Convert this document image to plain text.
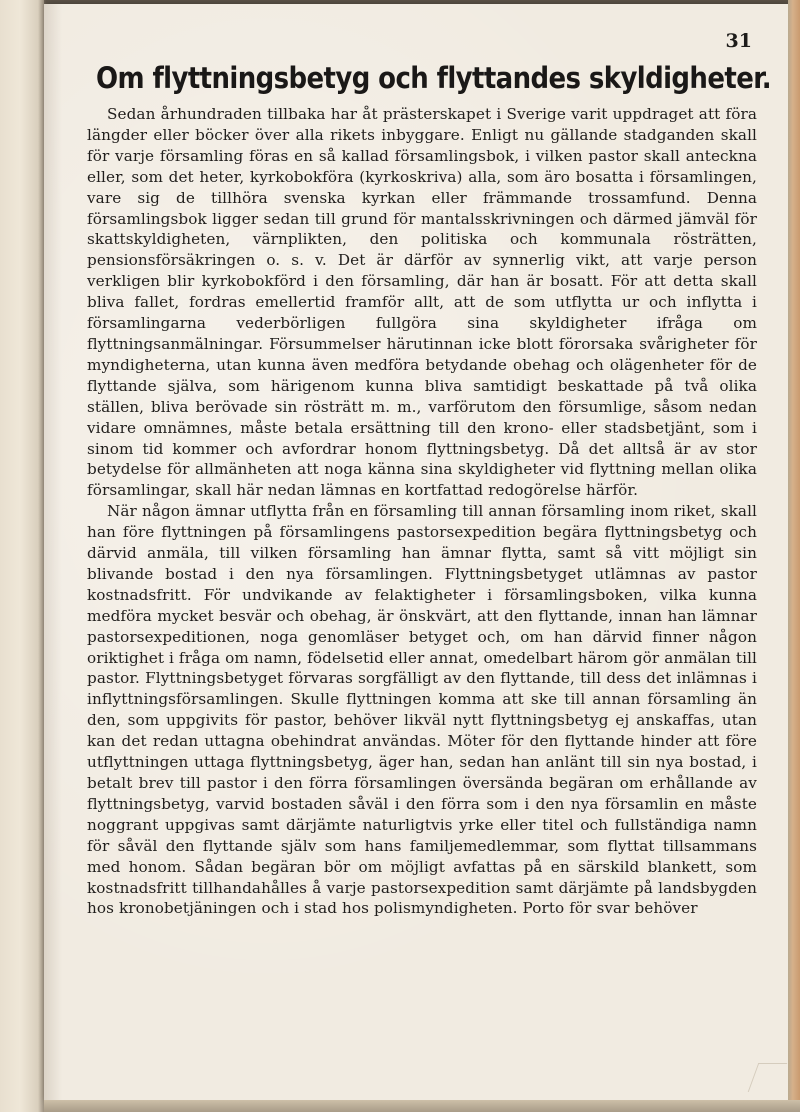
31
Om flyttningsbetyg och flyttandes skyldigheter.

Sedan århundraden tillbaka har åt prästerskapet i Sverige varit uppdraget att föra längder eller böcker över alla rikets inbyggare. Enligt nu gällande stadganden skall för varje församling föras en så kallad församlingsbok, i vilken pastor skall anteckna eller, som det heter, kyrkobokföra (kyrkoskriva) alla, som äro bosatta i församlingen, vare sig de tillhöra svenska kyrkan eller främmande trossamfund. Denna församlingsbok ligger sedan till grund för mantalsskrivningen och därmed jämväl för skattskyldigheten, värnplikten, den politiska och kommunala rösträtten, pensionsförsäkringen o. s. v. Det är därför av synnerlig vikt, att varje person verkligen blir kyrkobokförd i den församling, där han är bosatt. För att detta skall bliva fallet, fordras emellertid framför allt, att de som utflytta ur och inflytta i församlingarna vederbörligen fullgöra sina skyldigheter ifråga om flyttningsanmälningar. Försummelser härutinnan icke blott förorsaka svårigheter för myndigheterna, utan kunna även medföra betydande obehag och olägenheter för de flyttande själva, som härigenom kunna bliva samtidigt beskattade på två olika ställen, bliva berövade sin rösträtt m. m., varförutom den försumlige, såsom nedan vidare omnämnes, måste betala ersättning till den krono- eller stadsbetjänt, som i sinom tid kommer och avfordrar honom flyttningsbetyg. Då det alltså är av stor betydelse för allmänheten att noga känna sina skyldigheter vid flyttning mellan olika församlingar, skall här nedan lämnas en kortfattad redogörelse härför.

När någon ämnar utflytta från en församling till annan församling inom riket, skall han före flyttningen på församlingens pastorsexpedition begära flyttningsbetyg och därvid anmäla, till vilken församling han ämnar flytta, samt så vitt möjligt sin blivande bostad i den nya församlingen. Flyttningsbetyget utlämnas av pastor kostnadsfritt. För undvikande av felaktigheter i församlingsboken, vilka kunna medföra mycket besvär och obehag, är önskvärt, att den flyttande, innan han lämnar pastorsexpeditionen, noga genomläser betyget och, om han därvid finner någon oriktighet i fråga om namn, födelsetid eller annat, omedelbart härom gör anmälan till pastor. Flyttningsbetyget förvaras sorgfälligt av den flyttande, till dess det inlämnas i inflyttningsförsamlingen. Skulle flyttningen komma att ske till annan församling än den, som uppgivits för pastor, behöver likväl nytt flyttningsbetyg ej anskaffas, utan kan det redan uttagna obehindrat användas. Möter för den flyttande hinder att före utflyttningen uttaga flyttningsbetyg, äger han, sedan han anlänt till sin nya bostad, i betalt brev till pastor i den förra församlingen översända begäran om erhållande av flyttningsbetyg, varvid bostaden såväl i den förra som i den nya församlin en måste noggrant uppgivas samt därjämte naturligtvis yrke eller titel och fullständiga namn för såväl den flyttande själv som hans familjemedlemmar, som flyttat tillsammans med honom. Sådan begäran bör om möjligt avfattas på en särskild blankett, som kostnadsfritt tillhandahålles å varje pastorsexpedition samt därjämte på landsbygden hos kronobetjäningen och i stad hos polismyndigheten. Porto för svar behöver
